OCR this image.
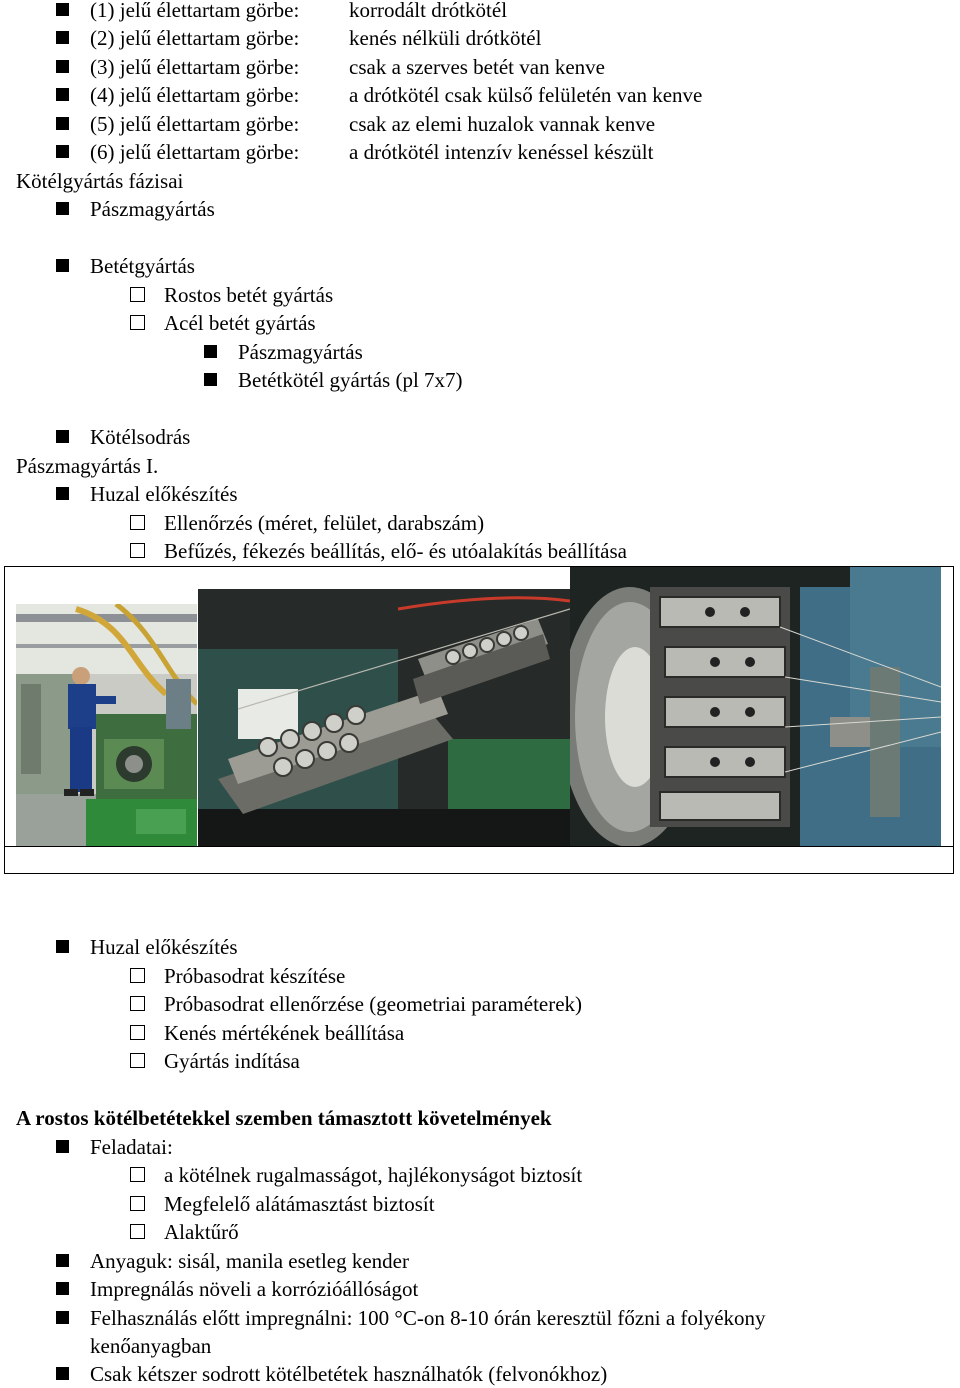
(1) jelű élettartam görbe: korrodált drótkötél
(2) jelű élettartam görbe: kenés nélküli drótkötél
(3) jelű élettartam görbe: csak a szerves betét van kenve
(4) jelű élettartam görbe: a drótkötél csak külső felületén van kenve
(5) jelű élettartam görbe: csak az elemi huzalok vannak kenve
(6) jelű élettartam görbe: a drótkötél intenzív kenéssel készült
Kötélgyártás fázisai
Pászmagyártás
Betétgyártás
Rostos betét gyártás
Acél betét gyártás
Pászmagyártás
Betétkötél gyártás (pl 7x7)
Kötélsodrás
Pászmagyártás I.
Huzal előkészítés
Ellenőrzés (méret, felület, darabszám)
Befűzés, fékezés beállítás, elő- és utóalakítás beállítása
Huzal előkészítés
Próbasodrat készítése
Próbasodrat ellenőrzése (geometriai paraméterek)
Kenés mértékének beállítása
Gyártás indítása
A rostos kötélbetétekkel szemben támasztott követelmények
Feladatai:
a kötélnek rugalmasságot, hajlékonyságot biztosít
Megfelelő alátámasztást biztosít
Alaktűrő
Anyaguk: sisál, manila esetleg kender
Impregnálás növeli a korrózióállóságot
Felhasználás előtt impregnálni: 100 °C-on 8-10 órán keresztül főzni a folyékony
kenőanyagban
Csak kétszer sodrott kötélbetétek használhatók (felvonókhoz)
